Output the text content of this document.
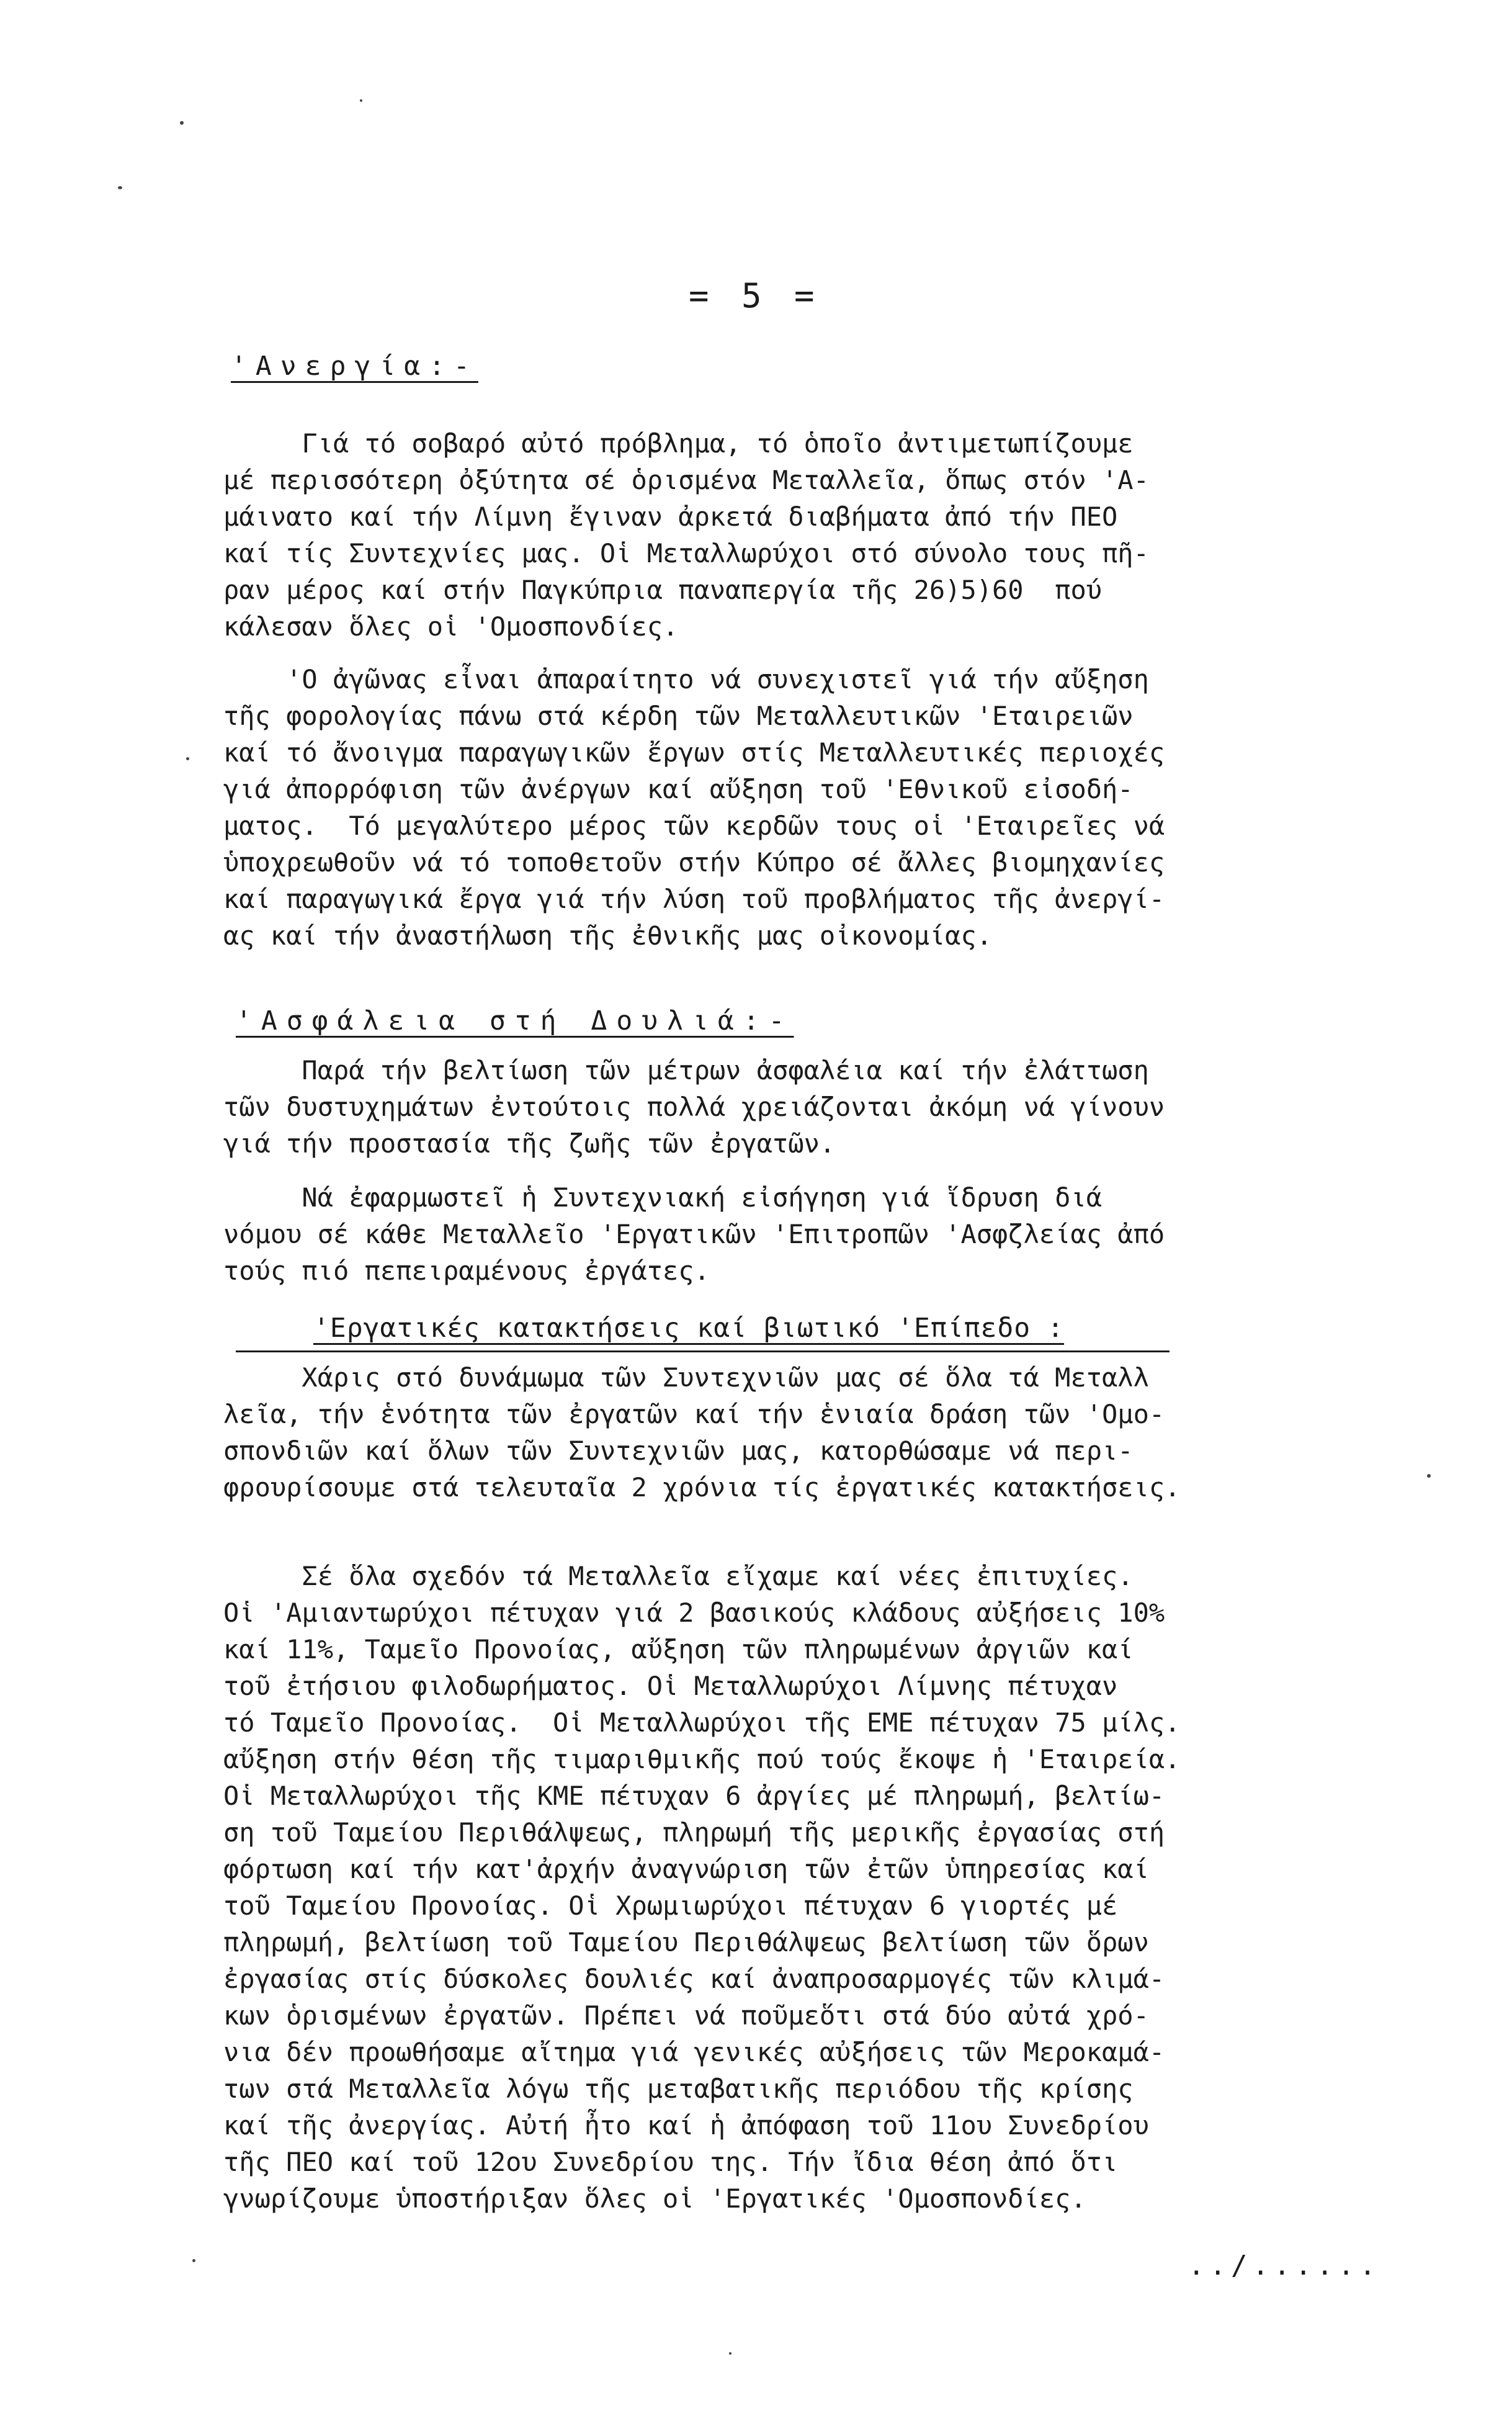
= 5 =
'Ανεργία:-

Γιά τό σοβαρό αὐτό πρόβλημα, τό ὁποῖο ἀντιμετωπίζουμε
μέ περισσότερη ὀξύτητα σέ ὁρισμένα Μεταλλεῖα, ὅπως στόν 'Α-
μάινατο καί τήν Λίμνη ἔγιναν ἀρκετά διαβήματα ἀπό τήν ΠΕΟ
καί τίς Συντεχνίες μας. Οἱ Μεταλλωρύχοι στό σύνολο τους πῆ-
ραν μέρος καί στήν Παγκύπρια παναπεργία τῆς 26)5)60  πού
κάλεσαν ὅλες οἱ 'Ομοσπονδίες.

'Ο ἀγῶνας εἶναι ἀπαραίτητο νά συνεχιστεῖ γιά τήν αὔξηση
τῆς φορολογίας πάνω στά κέρδη τῶν Μεταλλευτικῶν 'Εταιρειῶν
καί τό ἄνοιγμα παραγωγικῶν ἔργων στίς Μεταλλευτικές περιοχές
γιά ἀπορρόφιση τῶν ἀνέργων καί αὔξηση τοῦ 'Εθνικοῦ εἰσοδή-
ματος.  Τό μεγαλύτερο μέρος τῶν κερδῶν τους οἱ 'Εταιρεῖες νά
ὑποχρεωθοῦν νά τό τοποθετοῦν στήν Κύπρο σέ ἄλλες βιομηχανίες
καί παραγωγικά ἔργα γιά τήν λύση τοῦ προβλήματος τῆς ἀνεργί-
ας καί τήν ἀναστήλωση τῆς ἐθνικῆς μας οἰκονομίας.

'Ασφάλεια στή Δουλιά:-

Παρά τήν βελτίωση τῶν μέτρων ἀσφαλέια καί τήν ἐλάττωση
τῶν δυστυχημάτων ἐντούτοις πολλά χρειάζονται ἀκόμη νά γίνουν
γιά τήν προστασία τῆς ζωῆς τῶν ἐργατῶν.

Νά ἐφαρμωστεῖ ἡ Συντεχνιακή εἰσήγηση γιά ἵδρυση διά
νόμου σέ κάθε Μεταλλεῖο 'Εργατικῶν 'Επιτροπῶν 'Ασφζλείας ἀπό
τούς πιό πεπειραμένους ἐργάτες.

'Εργατικές κατακτήσεις καί βιωτικό 'Επίπεδο :

Χάρις στό δυνάμωμα τῶν Συντεχνιῶν μας σέ ὅλα τά Μεταλλ
λεῖα, τήν ἑνότητα τῶν ἐργατῶν καί τήν ἑνιαία δράση τῶν 'Ομο-
σπονδιῶν καί ὅλων τῶν Συντεχνιῶν μας, κατορθώσαμε νά περι-
φρουρίσουμε στά τελευταῖα 2 χρόνια τίς ἐργατικές κατακτήσεις.

Σέ ὅλα σχεδόν τά Μεταλλεῖα εἴχαμε καί νέες ἐπιτυχίες.
Οἱ 'Αμιαντωρύχοι πέτυχαν γιά 2 βασικούς κλάδους αὐξήσεις 10%
καί 11%, Ταμεῖο Προνοίας, αὔξηση τῶν πληρωμένων ἀργιῶν καί
τοῦ ἐτήσιου φιλοδωρήματος. Οἱ Μεταλλωρύχοι Λίμνης πέτυχαν
τό Ταμεῖο Προνοίας.  Οἱ Μεταλλωρύχοι τῆς ΕΜΕ πέτυχαν 75 μίλς.
αὔξηση στήν θέση τῆς τιμαριθμικῆς πού τούς ἔκοψε ἡ 'Εταιρεία.
Οἱ Μεταλλωρύχοι τῆς ΚΜΕ πέτυχαν 6 ἀργίες μέ πληρωμή, βελτίω-
ση τοῦ Ταμείου Περιθάλψεως, πληρωμή τῆς μερικῆς ἐργασίας στή
φόρτωση καί τήν κατ'ἀρχήν ἀναγνώριση τῶν ἐτῶν ὑπηρεσίας καί
τοῦ Ταμείου Προνοίας. Οἱ Χρωμιωρύχοι πέτυχαν 6 γιορτές μέ
πληρωμή, βελτίωση τοῦ Ταμείου Περιθάλψεως βελτίωση τῶν ὅρων
ἐργασίας στίς δύσκολες δουλιές καί ἀναπροσαρμογές τῶν κλιμά-
κων ὁρισμένων ἐργατῶν. Πρέπει νά ποῦμεὅτι στά δύο αὐτά χρό-
νια δέν προωθήσαμε αἴτημα γιά γενικές αὐξήσεις τῶν Μεροκαμά-
των στά Μεταλλεῖα λόγω τῆς μεταβατικῆς περιόδου τῆς κρίσης
καί τῆς ἀνεργίας. Αὐτή ἦτο καί ἡ ἀπόφαση τοῦ 11ου Συνεδρίου
τῆς ΠΕΟ καί τοῦ 12ου Συνεδρίου της. Τήν ἴδια θέση ἀπό ὅτι
γνωρίζουμε ὑποστήριξαν ὅλες οἱ 'Εργατικές 'Ομοσπονδίες.

../......
